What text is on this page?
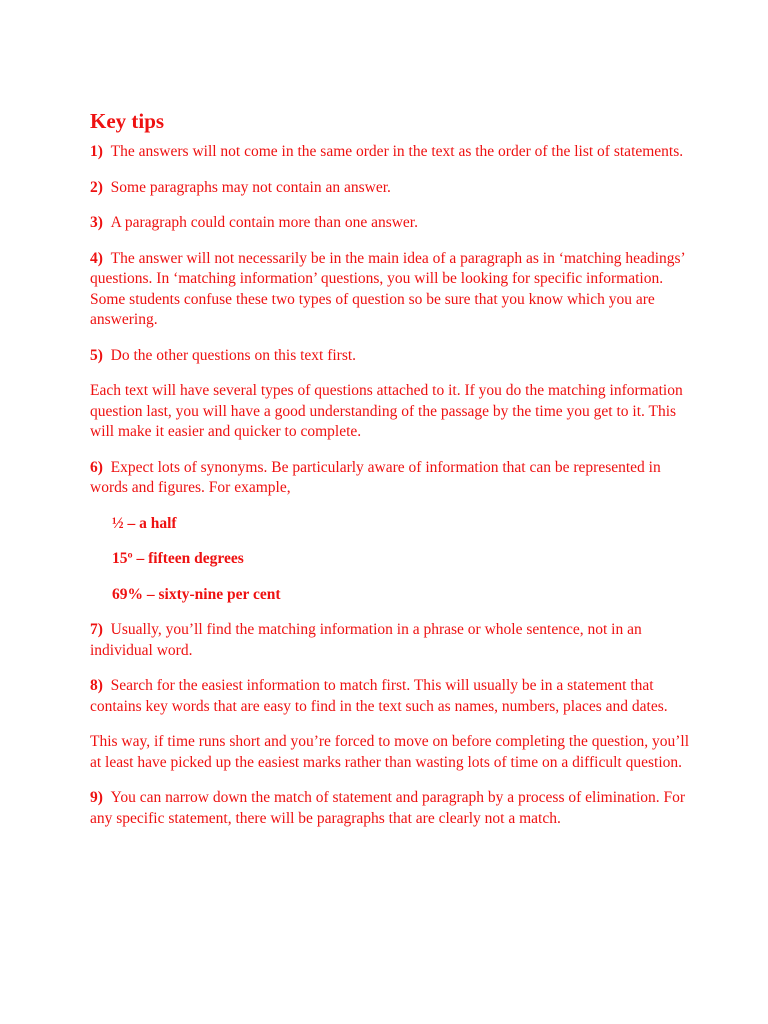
Key tips

1) The answers will not come in the same order in the text as the order of the list of statements.

2) Some paragraphs may not contain an answer.

3) A paragraph could contain more than one answer.

4) The answer will not necessarily be in the main idea of a paragraph as in ‘matching headings’ questions. In ‘matching information’ questions, you will be looking for specific information. Some students confuse these two types of question so be sure that you know which you are answering.

5) Do the other questions on this text first.

Each text will have several types of questions attached to it. If you do the matching information question last, you will have a good understanding of the passage by the time you get to it. This will make it easier and quicker to complete.

6) Expect lots of synonyms. Be particularly aware of information that can be represented in words and figures. For example,

½ – a half

15º – fifteen degrees

69% – sixty-nine per cent

7) Usually, you’ll find the matching information in a phrase or whole sentence, not in an individual word.

8) Search for the easiest information to match first. This will usually be in a statement that contains key words that are easy to find in the text such as names, numbers, places and dates.

This way, if time runs short and you’re forced to move on before completing the question, you’ll at least have picked up the easiest marks rather than wasting lots of time on a difficult question.

9) You can narrow down the match of statement and paragraph by a process of elimination. For any specific statement, there will be paragraphs that are clearly not a match.
